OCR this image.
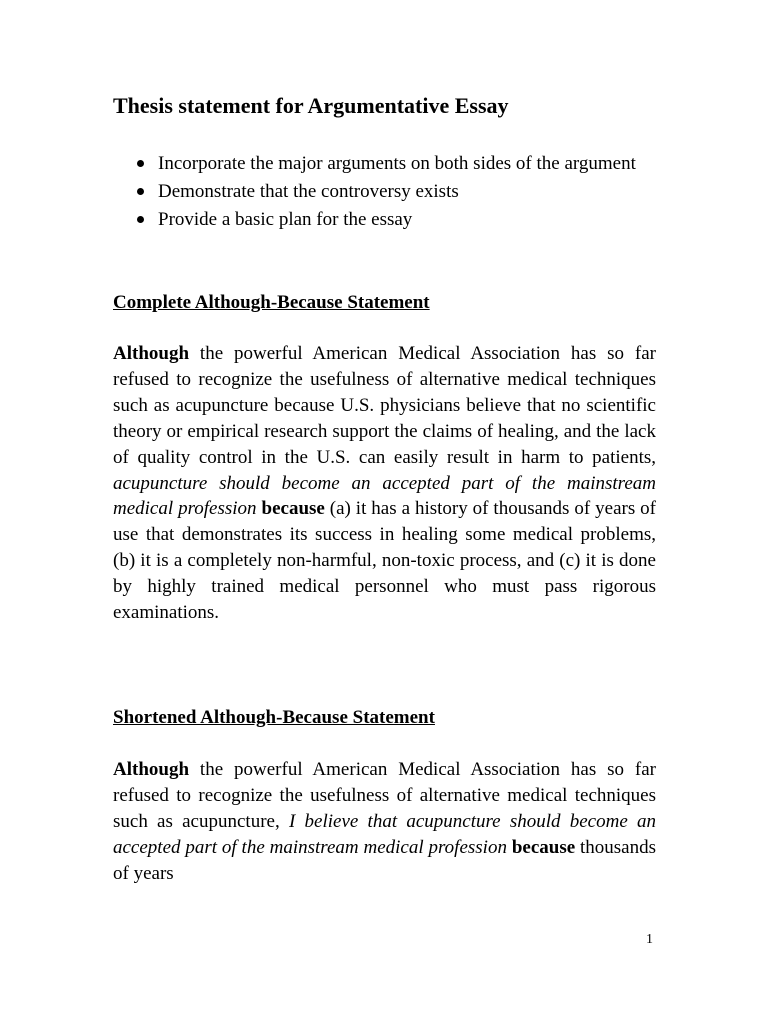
Thesis statement for Argumentative Essay
Incorporate the major arguments on both sides of the argument
Demonstrate that the controversy exists
Provide a basic plan for the essay
Complete Although-Because Statement

Although the powerful American Medical Association has so far refused to recognize the usefulness of alternative medical techniques such as acupuncture because U.S. physicians believe that no scientific theory or empirical research support the claims of healing, and the lack of quality control in the U.S. can easily result in harm to patients, acupuncture should become an accepted part of the mainstream medical profession because (a) it has a history of thousands of years of use that demonstrates its success in healing some medical problems, (b) it is a completely non-harmful, non-toxic process, and (c) it is done by highly trained medical personnel who must pass rigorous examinations.

Shortened Although-Because Statement

Although the powerful American Medical Association has so far refused to recognize the usefulness of alternative medical techniques such as acupuncture, I believe that acupuncture should become an accepted part of the mainstream medical profession because thousands of years

1
